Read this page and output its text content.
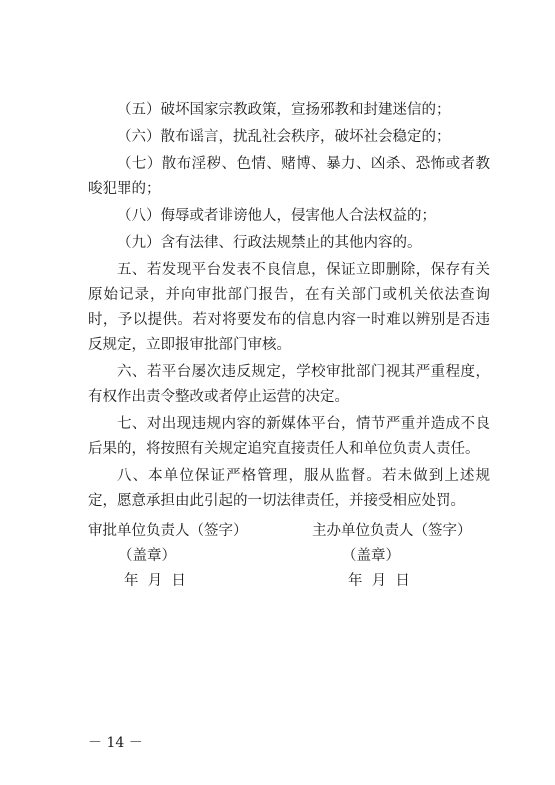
（五）破坏国家宗教政策，宣扬邪教和封建迷信的；

（六）散布谣言，扰乱社会秩序，破坏社会稳定的；

（七）散布淫秽、色情、赌博、暴力、凶杀、恐怖或者教唆犯罪的；

（八）侮辱或者诽谤他人，侵害他人合法权益的；

（九）含有法律、行政法规禁止的其他内容的。

五、若发现平台发表不良信息，保证立即删除，保存有关原始记录，并向审批部门报告，在有关部门或机关依法查询时，予以提供。若对将要发布的信息内容一时难以辨别是否违反规定，立即报审批部门审核。

六、若平台屡次违反规定，学校审批部门视其严重程度，有权作出责令整改或者停止运营的决定。

七、对出现违规内容的新媒体平台，情节严重并造成不良后果的，将按照有关规定追究直接责任人和单位负责人责任。

八、本单位保证严格管理，服从监督。若未做到上述规定，愿意承担由此引起的一切法律责任，并接受相应处罚。

审批单位负责人（签字）
（盖章）
年  月  日
主办单位负责人（签字）
（盖章）
年  月  日
－ 14 －
